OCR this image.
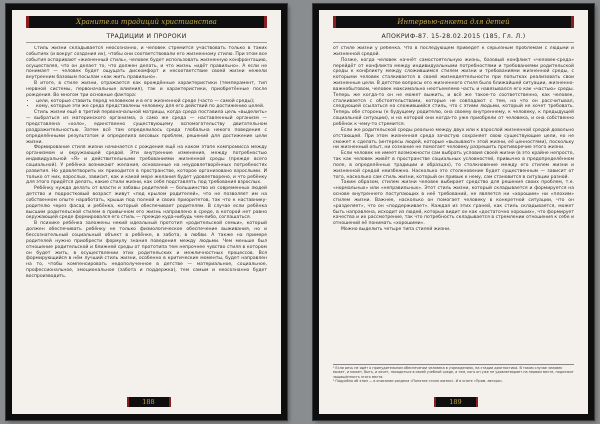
Хранители традиций христианства
ТРАДИЦИИ И ПРОРОКИ

Стиль жизни складывается неосознанно, и человек стремится участвовать только в таких событиях (и вокруг создания их), чтобы они соответствовали его жизненному стилю. При этом все события оспаривают «жизненный стиль», человек будет использовать жизненную конфронтацию, осуществляя, что он делает то, что должен делать, и что жизнь «идёт правильно». А если не понимает — человек будет ощущать дискомфорт и несоответствие своей жизни нежели внутренним базовым посылам «как жить правильно».

В итоге, в стиле жизни, отражается как врождённые характеристики (темперамент, тип нервной системы, первоначальные влияния), так и характеристики, приобретённые после рождения. Во многом три основные фактора:

• цели, которые ставить перед человеком и в его жизненной среде (часто — самой среды);
• кому, которые эти же среда представлены человеку для его действий по достижению целей.

Стиль жизни ещё в третий первоначальной матрицы, когда среда поставила цель «выделить» — выбраться из материнского организма, а само же среда — наставленный организм — представлена «холо», единственно существующему вспомогательству двигательном раздражительностью. Затем всё там определилось среда глобальна некого поведения с определёнными результатом и определила весовых проблем, решений для достижение цели жизни.

Формирование стиля жизни начинается с рождения ещё на каком этапе компромисса между организмом и окружающей средой. Эти внутренние изменения, между потребностью индивидуальной «Я» и действительными требованиями жизненной среды (прежде всего социальной). У ребёнка возникают желания, основанные на неудовлетворённых потребностях развития. Но удовлетворить их приходится в пространстве, которое организовано взрослыми. И только от них, взрослых, зависит, как и какой мере желания будет удовлетворено, и что ребёнку для этого придётся делать, какие стили жизни, как себя подставлять под требования взрослых.

Ребёнку нужда делать от власти и забавы родителей — большинство из современных людей детство и подростковый возраст живут «под крылом родителей», что не позволяет им на собственном опыте наработать, крыши под полной и своих приоритетов, так что к наставнику-родителю через фасад и ребёнка, который обеспечивает родителям. В случае если ребёнка высшим родительской стилем в привычном его жизнь направлено в среде, в которой нет равно окружающей среде формировался его стиль — прежде куда-нибудь чем-либо, соглашаться.

В психике ребёнка заложены некий идеальный прототип «родительской семьи», который должен обеспечивать ребёнку не только физиологическое обеспечение выживания, но и бессознательный социальный объект в ребёнке, в забота, в любви. А также на примере родителей нужно приобрести формулу знания поведения между людьми. Чем меньше был отношение родительской и ближней среды от прототипа тем непрочнее чувство стиля в котором он будет жить, в осуществлении этих родительских и межличностных процессов. Вся формирующийся в нём лучший стиль жизни, особенно в критические моменты, будет направлен на то, чтобы компенсировать недополученное в детстве — материальное, социальное, профессиональное, эмоциональное (забота и поддержка), тем самым и неосознанно будет воспроизводить.

188
Интервью-анкета для детей
АПОКРИФ-87. 15-28.02.2015 (185, Гл. Л.)

от стиле жизни у ребёнка. Что в последующем приведёт к серьёзным проблемам с людьми и жизненной средой.

Позже, когда человек начнёт самостоятельную жизнь, базовый конфликт «человек-среда» перейдёт от конфликта между индивидуальными потребностями и требованиями родительской среды к конфликту между сложившимся стилем жизни и требованиями жизненной среды, с которыми человек сталкивается в своей жизнедеятельности при попытках реализовать свои жизненные цели. В детстве вопросы его жизненного стиля было ближайшей ситуации, жизненно-важнобытовом, человек максимально неотъемлемо часть и навязывался его как «частью» среды. Теперь же когда-то он не может выжить, и всё же такое-то соответственно, как человек, сталкивается с обстоятельствами, которые не совпадают с тем, на что он рассчитывал, следующей ссылаться на сложившийся стиль, что с этими людьми, который не хочет требовать. Теперь обе стороны (к будущему родителю, она своему внутреннему, к человеку, к предыдущей социальной ситуации), и на которой они когда-то уже приобрели от человека, и она собственно ребёнок к чему-то стремится.

Если же родительской среды реально между двух или к взрослой жизненной средой довольно отстающей. При этом жизненная среда зачастую сохраняет свою существующие цели, но не сможет к сделать (интересы людей, которые «вызывают» этой жизни, её ценностями), поскольку ни жизненный опыт, ни сознание не помогает человеку разрешить противоречие этого жизни.

Если человек не имеет возможности сам выбрать условия своей жизни (в это крайне непросто, так как человек живёт в пространстве социальных условностей, привычно в предопределённом поле, в определённых традиции и образцах), то столкновение между его стилем жизни и жизненной средой неизбежно. Насколько это столкновение будет существенным — зависит от того, насколько сам стиль жизни, который он привык к нему, сам становится в ситуации разной.

Таким образом, стилем жизни человек выбирает средство для решения своих проблем, т.е. «нормальных» или «неправильных». Этот стиль жизни, который складывается и формируется на основе внутреннего поступающих в неё требований, не является ни «хорошим» ни «плохим» стилем жизни. Важнее, насколько он помогает человеку в конкретной ситуации, что он «разделяет», что он «поддерживает». Каждая из этих граней, как стиль складывается, может быть направлена, исходит из людей, которых видит он как «достаточно хороших», что формирует качества и их рассмотрение, так что потребность складывается в стремлении отношения к себе и отношений её понимать «хорошими».

Можно выделить четыре типа стилей жизни.

¹ Если речь не идёт о принудительном обеспечении человека в учреждениях, на стадии диагностики. В таком случае человек может, и может, быть, и хочет, находиться в своей учебной среде, а тем, кого он уже не удовлетворяет на первом месте, подлежит защищённость этого места.

² Подробно об этом — в описании раздела «Понятие стиля жизни». И в книге «Прим. автора».

189
